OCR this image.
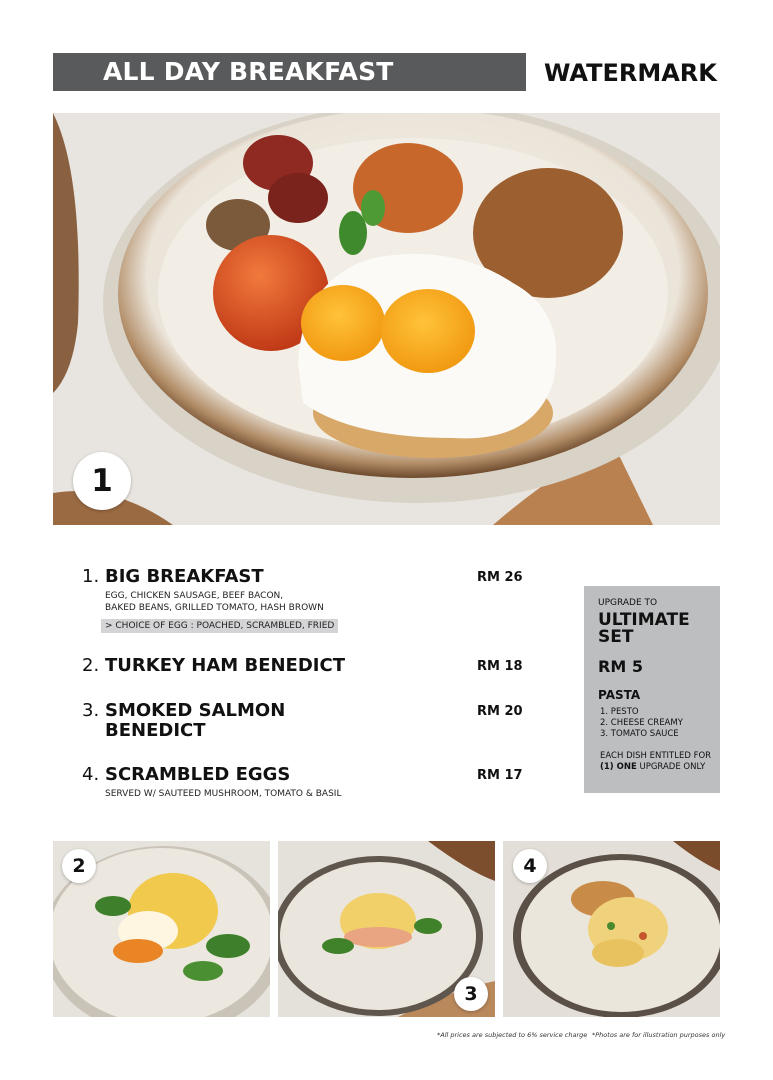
ALL DAY BREAKFAST	WATERMARK
1
1. BIG BREAKFAST	RM 26
EGG, CHICKEN SAUSAGE, BEEF BACON,
BAKED BEANS, GRILLED TOMATO, HASH BROWN
> CHOICE OF EGG : POACHED, SCRAMBLED, FRIED
2. TURKEY HAM BENEDICT	RM 18
3. SMOKED SALMON BENEDICT
RM 20
4. SCRAMBLED EGGS	RM 17
SERVED W/ SAUTEED MUSHROOM, TOMATO & BASIL
UPGRADE TO
ULTIMATE
SET
RM 5
PASTA
1. PESTO
2. CHEESE CREAMY
3. TOMATO SAUCE
EACH DISH ENTITLED FOR
(1) ONE UPGRADE ONLY
2
3
4
*All prices are subjected to 6% service charge *Photos are for illustration purposes only
